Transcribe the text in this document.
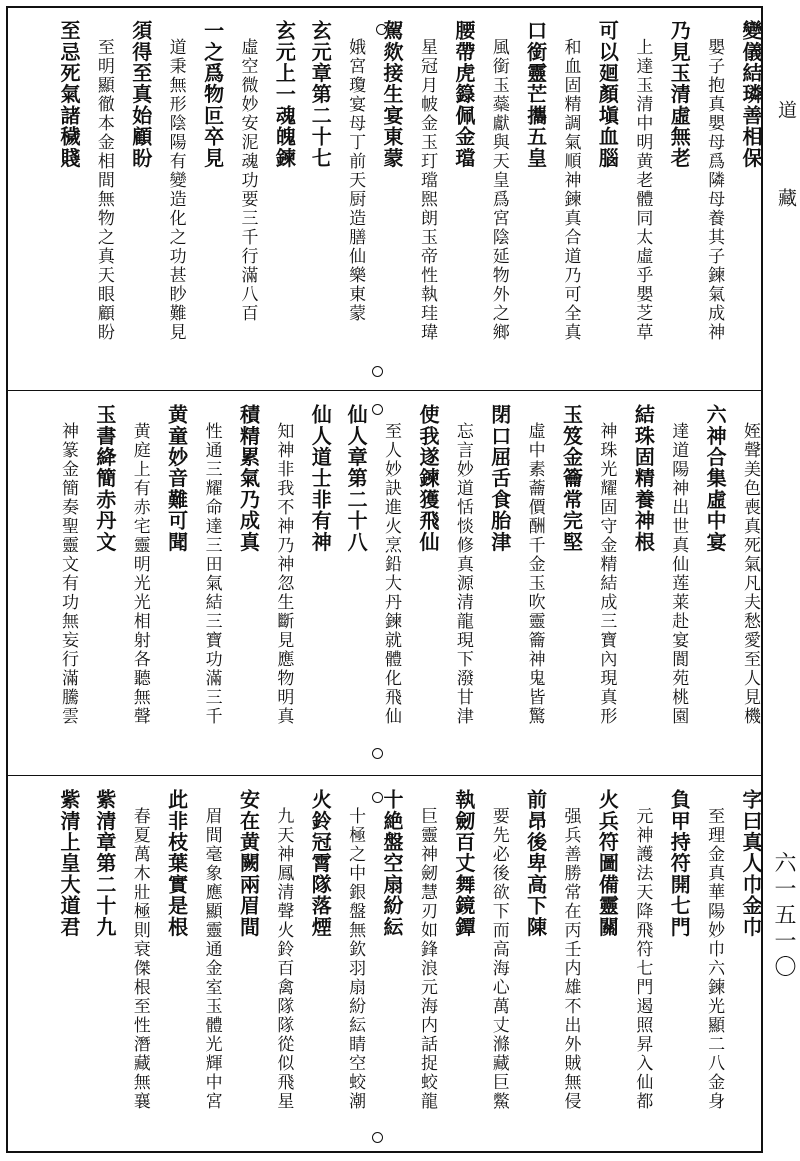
變儀結璘善相保
嬰子抱真嬰母爲隣母養其子鍊氣成神
乃見玉清虛無老
上達玉清中明黄老體同太虛乎嬰芝草
可以廻顏塡血腦
和血固精調氣順神鍊真合道乃可全真
口銜靈芒攜五皇
風銜玉蘂獻與天皇爲宮陰延物外之鄉
腰帶虎籙佩金璫
星冠月帔金玉玎璫煕朗玉帝性執珪瑋
駕欻接生宴東蒙
娥宮瓊宴母丁前天厨造膳仙樂東蒙
玄元章第二十七
玄元上一魂魄鍊
虛空微妙安泥魂功要三千行滿八百
一之爲物叵卒見
道秉無形陰陽有變造化之功甚眇難見
須得至真始顧盼
至明顯徹本金相間無物之真天眼顧盼
至忌死氣諸穢賤
姪聲美色喪真死氣凡夫愁愛至人見機
六神合集虛中宴
達道陽神出世真仙莲莱赴宴閬苑桃園
結珠固精養神根
神珠光耀固守金精結成三寶內現真形
玉笈金籥常完堅
虛中素蘥價酬千金玉吹靈籥神鬼皆驚
閉口屈舌食胎津
忘言妙道恬惔修真源清龍現下潑甘津
使我遂鍊獲飛仙
至人妙訣進火烹鉛大丹鍊就體化飛仙
仙人章第二十八
仙人道士非有神
知神非我不神乃神忽生斷見應物明真
積精累氣乃成真
性通三耀命達三田氣結三寶功滿三千
黄童妙音難可聞
黄庭上有赤宅靈明光光相射各聽無聲
玉書絳簡赤丹文
神篆金簡奏聖靈文有功無妄行滿騰雲
字曰真人巾金巾
至理金真華陽妙巾六鍊光顯二八金身
負甲持符開七門
元神護法天降飛符七門遏照昇入仙都
火兵符圖備靈關
强兵善勝常在丙壬内雄不出外賊無侵
前昂後卑高下陳
要先必後欲下而高海心萬丈滌藏巨鱉
執劒百丈舞鏡鐔
巨靈神劒慧刃如鋒浪元海内話捉蛟龍
十絶盤空扇紛紜
十極之中銀盤無欽羽扇紛紜睛空蛟潮
火鈴冠霄隊落煙
九天神鳳清聲火鈴百禽隊隊從似飛星
安在黄闕兩眉間
眉間毫象應顯靈通金室玉體光輝中宮
此非枝葉實是根
春夏萬木壯極則衰傑根至性潛藏無襄
紫清章第二十九
紫清上皇大道君
道
藏
六一五一〇
